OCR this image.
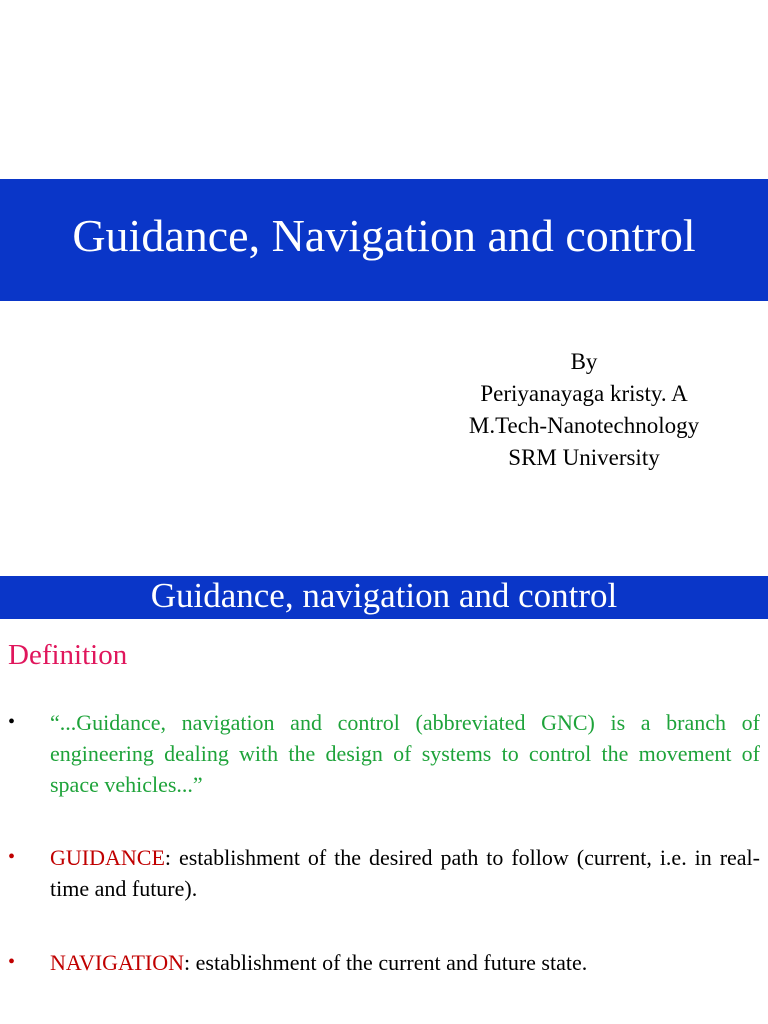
Guidance, Navigation and control
By
Periyanayaga kristy. A
M.Tech-Nanotechnology
SRM University
Guidance, navigation and control
Definition
• “...Guidance, navigation and control (abbreviated GNC) is a branch of engineering dealing with the design of systems to control the movement of space vehicles...”
• GUIDANCE: establishment of the desired path to follow (current, i.e. in real-time and future).
• NAVIGATION: establishment of the current and future state.
